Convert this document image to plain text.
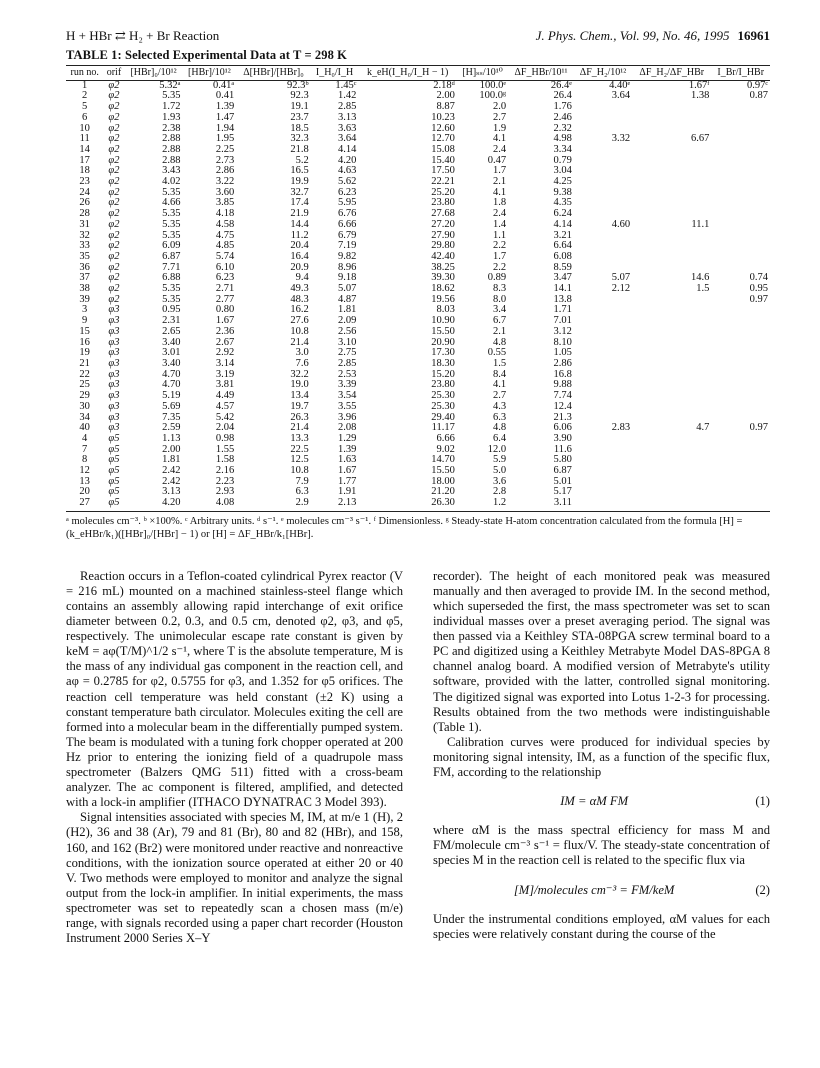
H + HBr ⇄ H₂ + Br Reaction	J. Phys. Chem., Vol. 99, No. 46, 1995 16961
TABLE 1: Selected Experimental Data at T = 298 K
run no.	orif	[HBr]₀/10¹²	[HBr]/10¹²	Δ[HBr]/[HBr]₀	I_H₀/I_H	k_eH(I_H₀/I_H − 1)	[H]ₛₛ/10¹⁰	ΔF_HBr/10¹¹	ΔF_H₂/10¹²	ΔF_H₂/ΔF_HBr	I_Br/I_HBr
1	φ2	5.32ᵃ	0.41ᵃ	92.3ᵇ	1.45ᶜ	2.18ᵈ	100.0ᵉ	26.4ᵉ	4.40ᵉ	1.67ᶠ	0.97ᶜ
2	φ2	5.35	0.41	92.3	1.42	2.00	100.0ᵍ	26.4	3.64	1.38	0.87
5	φ2	1.72	1.39	19.1	2.85	8.87	2.0	1.76			
6	φ2	1.93	1.47	23.7	3.13	10.23	2.7	2.46			
10	φ2	2.38	1.94	18.5	3.63	12.60	1.9	2.32			
11	φ2	2.88	1.95	32.3	3.64	12.70	4.1	4.98	3.32	6.67	
14	φ2	2.88	2.25	21.8	4.14	15.08	2.4	3.34			
17	φ2	2.88	2.73	5.2	4.20	15.40	0.47	0.79			
18	φ2	3.43	2.86	16.5	4.63	17.50	1.7	3.04			
23	φ2	4.02	3.22	19.9	5.62	22.21	2.1	4.25			
24	φ2	5.35	3.60	32.7	6.23	25.20	4.1	9.38			
26	φ2	4.66	3.85	17.4	5.95	23.80	1.8	4.35			
28	φ2	5.35	4.18	21.9	6.76	27.68	2.4	6.24			
31	φ2	5.35	4.58	14.4	6.66	27.20	1.4	4.14	4.60	11.1	
32	φ2	5.35	4.75	11.2	6.79	27.90	1.1	3.21			
33	φ2	6.09	4.85	20.4	7.19	29.80	2.2	6.64			
35	φ2	6.87	5.74	16.4	9.82	42.40	1.7	6.08			
36	φ2	7.71	6.10	20.9	8.96	38.25	2.2	8.59			
37	φ2	6.88	6.23	9.4	9.18	39.30	0.89	3.47	5.07	14.6	0.74
38	φ2	5.35	2.71	49.3	5.07	18.62	8.3	14.1	2.12	1.5	0.95
39	φ2	5.35	2.77	48.3	4.87	19.56	8.0	13.8			0.97
3	φ3	0.95	0.80	16.2	1.81	8.03	3.4	1.71			
9	φ3	2.31	1.67	27.6	2.09	10.90	6.7	7.01			
15	φ3	2.65	2.36	10.8	2.56	15.50	2.1	3.12			
16	φ3	3.40	2.67	21.4	3.10	20.90	4.8	8.10			
19	φ3	3.01	2.92	3.0	2.75	17.30	0.55	1.05			
21	φ3	3.40	3.14	7.6	2.85	18.30	1.5	2.86			
22	φ3	4.70	3.19	32.2	2.53	15.20	8.4	16.8			
25	φ3	4.70	3.81	19.0	3.39	23.80	4.1	9.88			
29	φ3	5.19	4.49	13.4	3.54	25.30	2.7	7.74			
30	φ3	5.69	4.57	19.7	3.55	25.30	4.3	12.4			
34	φ3	7.35	5.42	26.3	3.96	29.40	6.3	21.3			
40	φ3	2.59	2.04	21.4	2.08	11.17	4.8	6.06	2.83	4.7	0.97
4	φ5	1.13	0.98	13.3	1.29	6.66	6.4	3.90			
7	φ5	2.00	1.55	22.5	1.39	9.02	12.0	11.6			
8	φ5	1.81	1.58	12.5	1.63	14.70	5.9	5.80			
12	φ5	2.42	2.16	10.8	1.67	15.50	5.0	6.87			
13	φ5	2.42	2.23	7.9	1.77	18.00	3.6	5.01			
20	φ5	3.13	2.93	6.3	1.91	21.20	2.8	5.17			
27	φ5	4.20	4.08	2.9	2.13	26.30	1.2	3.11			
ᵃ molecules cm⁻³. ᵇ ×100%. ᶜ Arbitrary units. ᵈ s⁻¹. ᵉ molecules cm⁻³ s⁻¹. ᶠ Dimensionless. ᵍ Steady-state H-atom concentration calculated from the formula [H] = (k_eHBr/k₁)([HBr]₀/[HBr] − 1) or [H] = ΔF_HBr/k₁[HBr].

Reaction occurs in a Teflon-coated cylindrical Pyrex reactor (V = 216 mL) mounted on a machined stainless-steel flange which contains an assembly allowing rapid interchange of exit orifice diameter between 0.2, 0.3, and 0.5 cm, denoted φ2, φ3, and φ5, respectively. The unimolecular escape rate constant is given by keM = aφ(T/M)^1/2 s⁻¹, where T is the absolute temperature, M is the mass of any individual gas component in the reaction cell, and aφ = 0.2785 for φ2, 0.5755 for φ3, and 1.352 for φ5 orifices. The reaction cell temperature was held constant (±2 K) using a constant temperature bath circulator. Molecules exiting the cell are formed into a molecular beam in the differentially pumped system. The beam is modulated with a tuning fork chopper operated at 200 Hz prior to entering the ionizing field of a quadrupole mass spectrometer (Balzers QMG 511) fitted with a cross-beam analyzer. The ac component is filtered, amplified, and detected with a lock-in amplifier (ITHACO DYNATRAC 3 Model 393).

Signal intensities associated with species M, IM, at m/e 1 (H), 2 (H2), 36 and 38 (Ar), 79 and 81 (Br), 80 and 82 (HBr), and 158, 160, and 162 (Br2) were monitored under reactive and nonreactive conditions, with the ionization source operated at either 20 or 40 V. Two methods were employed to monitor and analyze the signal output from the lock-in amplifier. In initial experiments, the mass spectrometer was set to repeatedly scan a chosen mass (m/e) range, with signals recorded using a paper chart recorder (Houston Instrument 2000 Series X–Y

recorder). The height of each monitored peak was measured manually and then averaged to provide IM. In the second method, which superseded the first, the mass spectrometer was set to scan individual masses over a preset averaging period. The signal was then passed via a Keithley STA-08PGA screw terminal board to a PC and digitized using a Keithley Metrabyte Model DAS-8PGA 8 channel analog board. A modified version of Metrabyte's utility software, provided with the latter, controlled signal monitoring. The digitized signal was exported into Lotus 1-2-3 for processing. Results obtained from the two methods were indistinguishable (Table 1).

Calibration curves were produced for individual species by monitoring signal intensity, IM, as a function of the specific flux, FM, according to the relationship

IM = αM FM	(1)

where αM is the mass spectral efficiency for mass M and FM/molecule cm⁻³ s⁻¹ = flux/V. The steady-state concentration of species M in the reaction cell is related to the specific flux via

[M]/molecules cm⁻³ = FM/keM	(2)

Under the instrumental conditions employed, αM values for each species were relatively constant during the course of the
